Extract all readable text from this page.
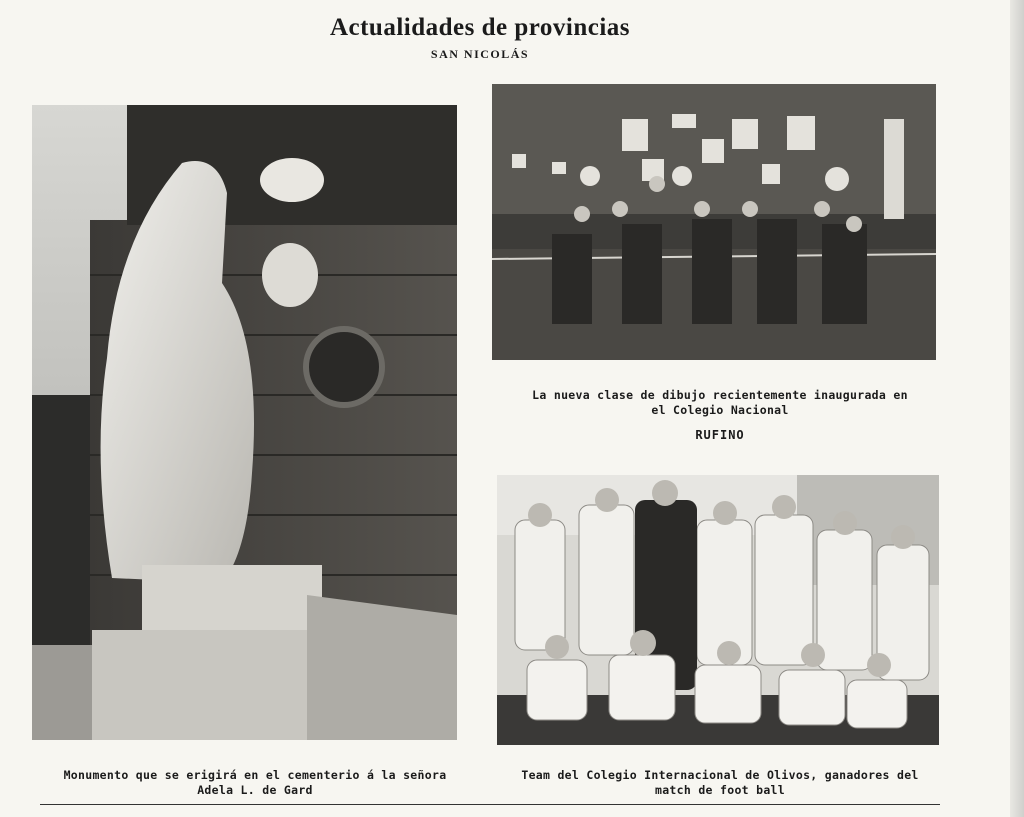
Actualidades de provincias
SAN NICOLÁS
Monumento que se erigirá en el cementerio á la señora
Adela L. de Gard
La nueva clase de dibujo recientemente inaugurada en
el Colegio Nacional
RUFINO
Team del Colegio Internacional de Olivos, ganadores del
match de foot ball
